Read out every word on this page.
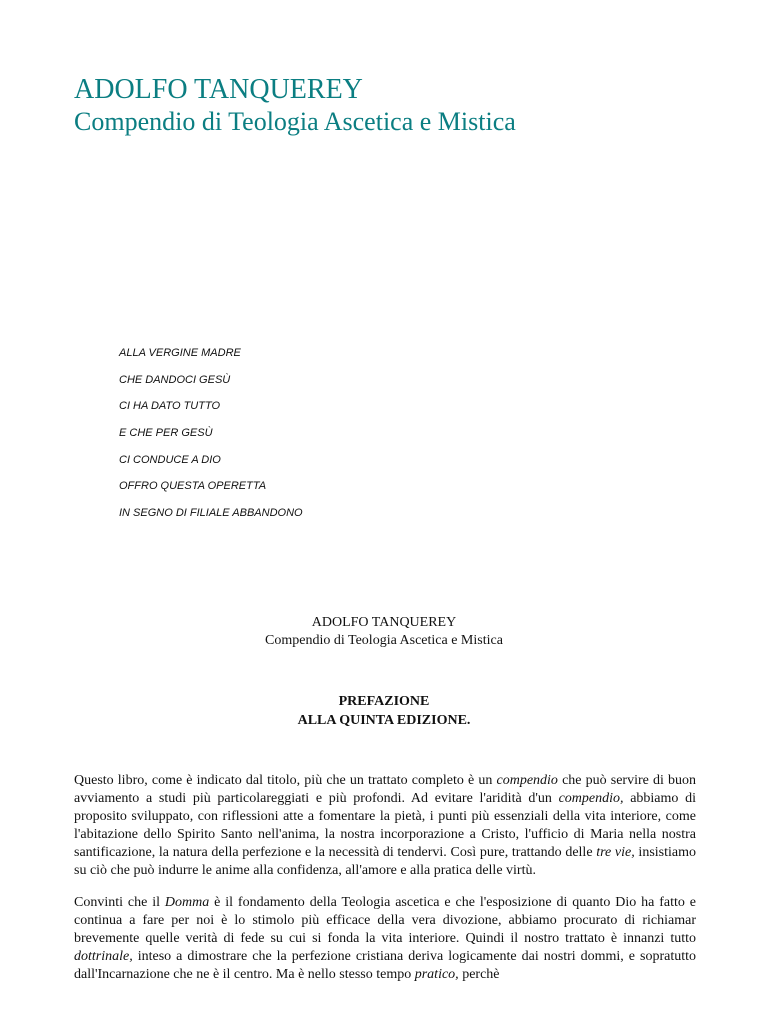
ADOLFO TANQUEREY
Compendio di Teologia Ascetica e Mistica
ALLA VERGINE MADRE
CHE DANDOCI GESÙ
CI HA DATO TUTTO
E CHE PER GESÙ
CI CONDUCE A DIO
OFFRO QUESTA OPERETTA
IN SEGNO DI FILIALE ABBANDONO
ADOLFO TANQUEREY
Compendio di Teologia Ascetica e Mistica
PREFAZIONE
ALLA QUINTA EDIZIONE.

Questo libro, come è indicato dal titolo, più che un trattato completo è un compendio che può servire di buon avviamento a studi più particolareggiati e più profondi. Ad evitare l'aridità d'un compendio, abbiamo di proposito sviluppato, con riflessioni atte a fomentare la pietà, i punti più essenziali della vita interiore, come l'abitazione dello Spirito Santo nell'anima, la nostra incorporazione a Cristo, l'ufficio di Maria nella nostra santificazione, la natura della perfezione e la necessità di tendervi. Così pure, trattando delle tre vie, insistiamo su ciò che può indurre le anime alla confidenza, all'amore e alla pratica delle virtù.

Convinti che il Domma è il fondamento della Teologia ascetica e che l'esposizione di quanto Dio ha fatto e continua a fare per noi è lo stimolo più efficace della vera divozione, abbiamo procurato di richiamar brevemente quelle verità di fede su cui si fonda la vita interiore. Quindi il nostro trattato è innanzi tutto dottrinale, inteso a dimostrare che la perfezione cristiana deriva logicamente dai nostri dommi, e sopratutto dall'Incarnazione che ne è il centro. Ma è nello stesso tempo pratico, perchè
